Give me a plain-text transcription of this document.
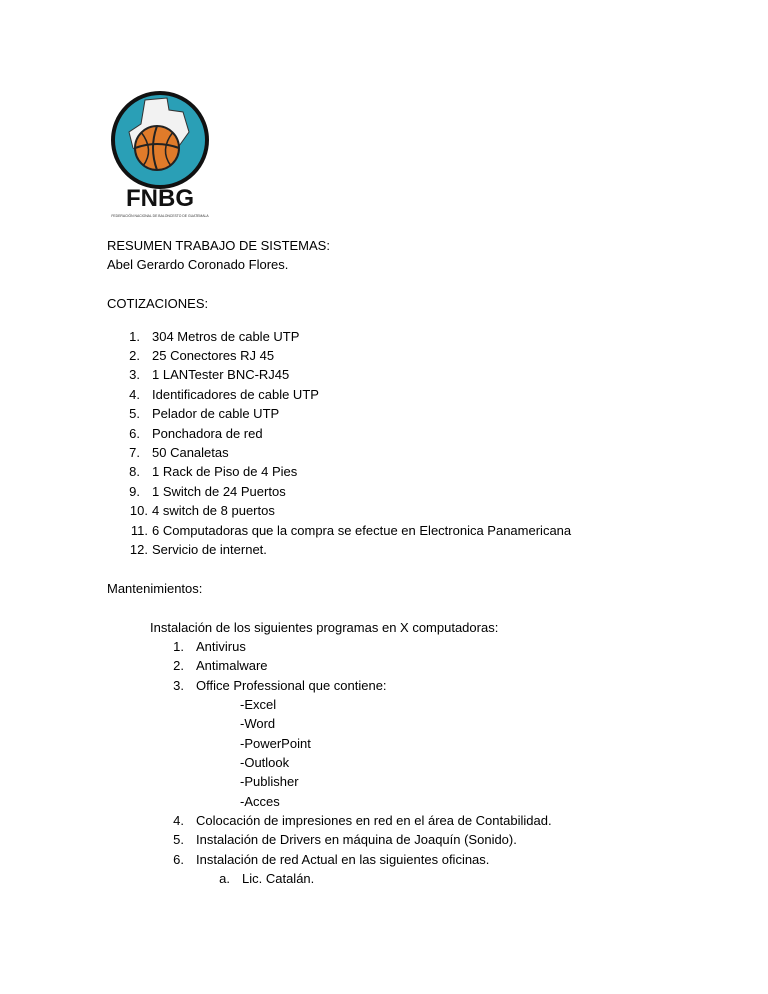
FNBG
FEDERACIÓN NACIONAL DE BALONCESTO DE GUATEMALA
RESUMEN TRABAJO DE SISTEMAS:
Abel Gerardo Coronado Flores.
COTIZACIONES:
1. 304 Metros de cable UTP
2. 25 Conectores RJ 45
3. 1 LANTester BNC-RJ45
4. Identificadores de cable UTP
5. Pelador de cable UTP
6. Ponchadora de red
7. 50 Canaletas
8. 1 Rack de Piso de 4 Pies
9. 1 Switch de 24 Puertos
10. 4 switch de 8 puertos
11. 6 Computadoras que la compra se efectue en Electronica Panamericana
12. Servicio de internet.
Mantenimientos:
Instalación de los siguientes programas en X computadoras:
1. Antivirus
2. Antimalware
3. Office Professional que contiene:
-Excel
-Word
-PowerPoint
-Outlook
-Publisher
-Acces
4. Colocación de impresiones en red en el área de Contabilidad.
5. Instalación de Drivers en máquina de Joaquín (Sonido).
6. Instalación de red Actual en las siguientes oficinas.
a. Lic. Catalán.
